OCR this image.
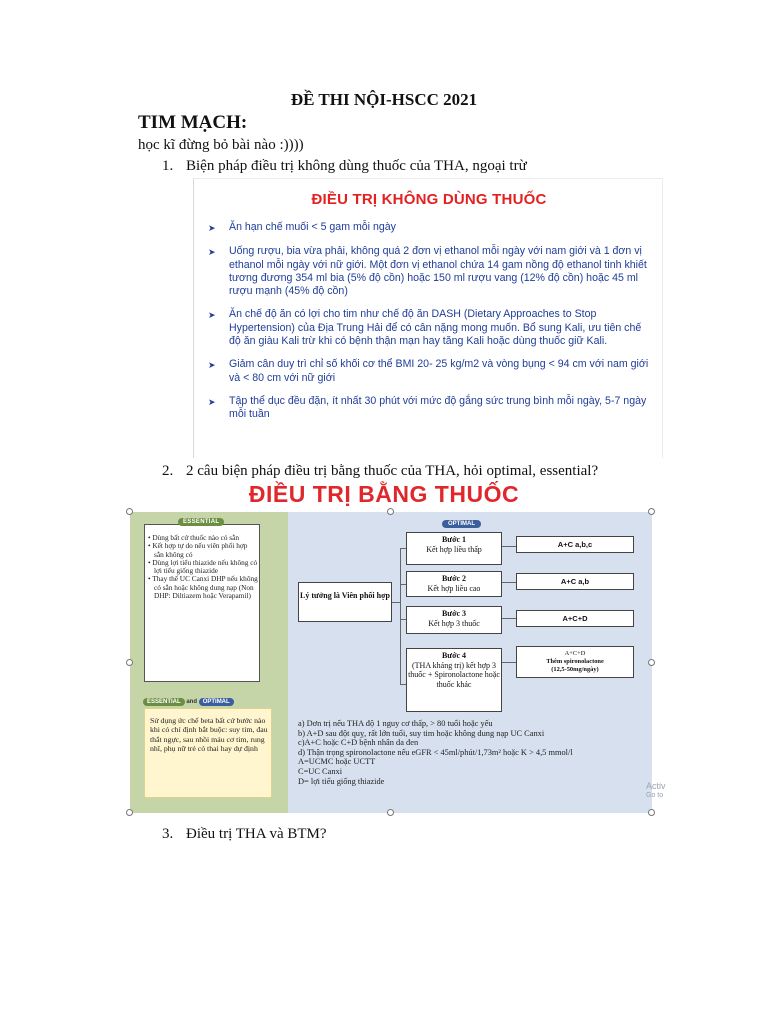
ĐỀ THI NỘI-HSCC 2021
TIM MẠCH:
học kĩ đừng bỏ bài nào :))))
1. Biện pháp điều trị không dùng thuốc của THA, ngoại trừ
ĐIỀU TRỊ KHÔNG DÙNG THUỐC
➤	Ăn hạn chế muối < 5 gam mỗi ngày
➤	Uống rượu, bia vừa phải, không quá 2 đơn vị ethanol mỗi ngày với nam giới và 1 đơn vị ethanol mỗi ngày với nữ giới. Một đơn vị ethanol chứa 14 gam nồng độ ethanol tinh khiết tương đương 354 ml bia (5% độ cồn) hoặc 150 ml rượu vang (12% độ cồn) hoặc 45 ml rượu mạnh (45% độ cồn)
➤	Ăn chế độ ăn có lợi cho tim như chế độ ăn DASH (Dietary Approaches to Stop Hypertension) của Địa Trung Hải để có cân nặng mong muốn. Bổ sung Kali, ưu tiên chế độ ăn giàu Kali trừ khi có bệnh thận mạn hay tăng Kali hoặc dùng thuốc giữ Kali.
➤	Giảm cân duy trì chỉ số khối cơ thể BMI 20- 25 kg/m2 và vòng bụng < 94 cm với nam giới và < 80 cm với nữ giới
➤	Tập thể dục đều đặn, ít nhất 30 phút với mức độ gắng sức trung bình mỗi ngày, 5-7 ngày mỗi tuần
2. 2 câu biện pháp điều trị bằng thuốc của THA, hỏi optimal, essential?
ĐIỀU TRỊ BẰNG THUỐC
• Dùng bất cứ thuốc nào có sẵn
• Kết hợp tự do nếu viên phối hợp sẵn không có
• Dùng lợi tiểu thiazide nếu không có lợi tiểu giống thiazide
• Thay thế UC Canxi DHP nếu không có sẵn hoặc không dung nạp (Non DHP: Diltiazem hoặc Verapamil)
ESSENTIAL
ESSENTIAL and OPTIMAL
Sử dụng ức chế beta bất cứ bước nào khi có chỉ định bắt buộc: suy tim, đau thắt ngực, sau nhồi máu cơ tim, rung nhĩ, phụ nữ trẻ có thai hay dự định
OPTIMAL
Lý tưởng là Viên phối hợp
Bước 1
Kết hợp liều thấp
Bước 2
Kết hợp liều cao
Bước 3
Kết hợp 3 thuốc
Bước 4
(THA kháng trị) kết hợp 3 thuốc + Spironolactone hoặc thuốc khác
A+C a,b,c
A+C a,b
A+C+D
A+C+D
Thêm spironolactone
(12,5-50mg/ngày)
a) Dơn trị nếu THA độ 1 nguy cơ thấp, > 80 tuổi hoặc yếu
b) A+D sau đột quỵ, rất lớn tuổi, suy tim hoặc không dung nạp UC Canxi
c)A+C hoặc C+D bệnh nhân da đen
d) Thận trọng spironolactone nếu eGFR < 45ml/phút/1,73m² hoặc K > 4,5 mmol/l
A=UCMC hoặc UCTT
C=UC Canxi
D= lợi tiểu giống thiazide	Activ
Go to
3. Điều trị THA và BTM?
